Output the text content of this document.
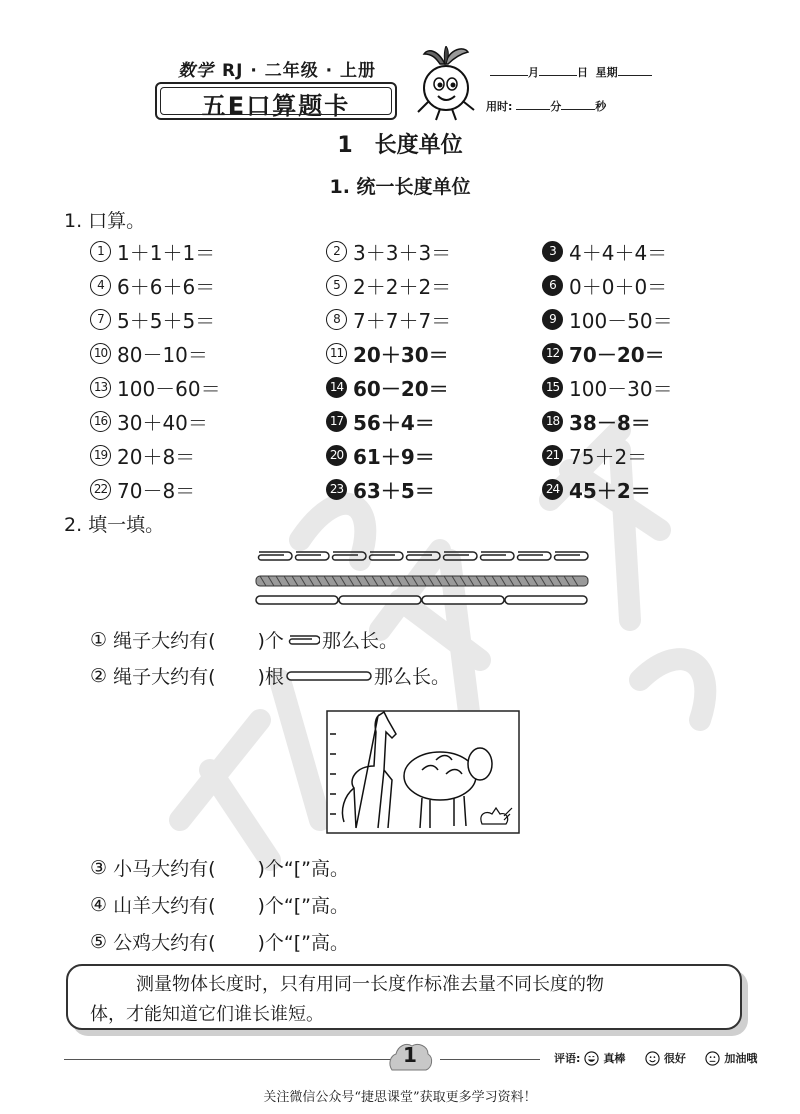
数学 RJ · 二年级 · 上册
五E口算题卡
月	日 星期
用时:	分	秒
1 长度单位
1. 统一长度单位
1. 口算。
1 1＋1＋1＝	2 3＋3＋3＝	3 4＋4＋4＝
4 6＋6＋6＝	5 2＋2＋2＝	6 0＋0＋0＝
7 5＋5＋5＝	8 7＋7＋7＝	9 100－50＝
10 80－10＝	11 20＋30＝	12 70－20＝
13 100－60＝	14 60－20＝	15 100－30＝
16 30＋40＝	17 56＋4＝	18 38－8＝
19 20＋8＝	20 61＋9＝	21 75＋2＝
22 70－8＝	23 63＋5＝	24 45＋2＝
2. 填一填。
①
绳子大约有( )个 那么长。
②
绳子大约有( )根	那么长。
③
小马大约有( )个“[”高。
④
山羊大约有( )个“[”高。
⑤
公鸡大约有( )个“[”高。
测量物体长度时，只有用同一长度作标准去量不同长度的物
体，才能知道它们谁长谁短。
1	评语: 真棒
	很好
	加油哦
关注微信公众号“捷思课堂”获取更多学习资料！
